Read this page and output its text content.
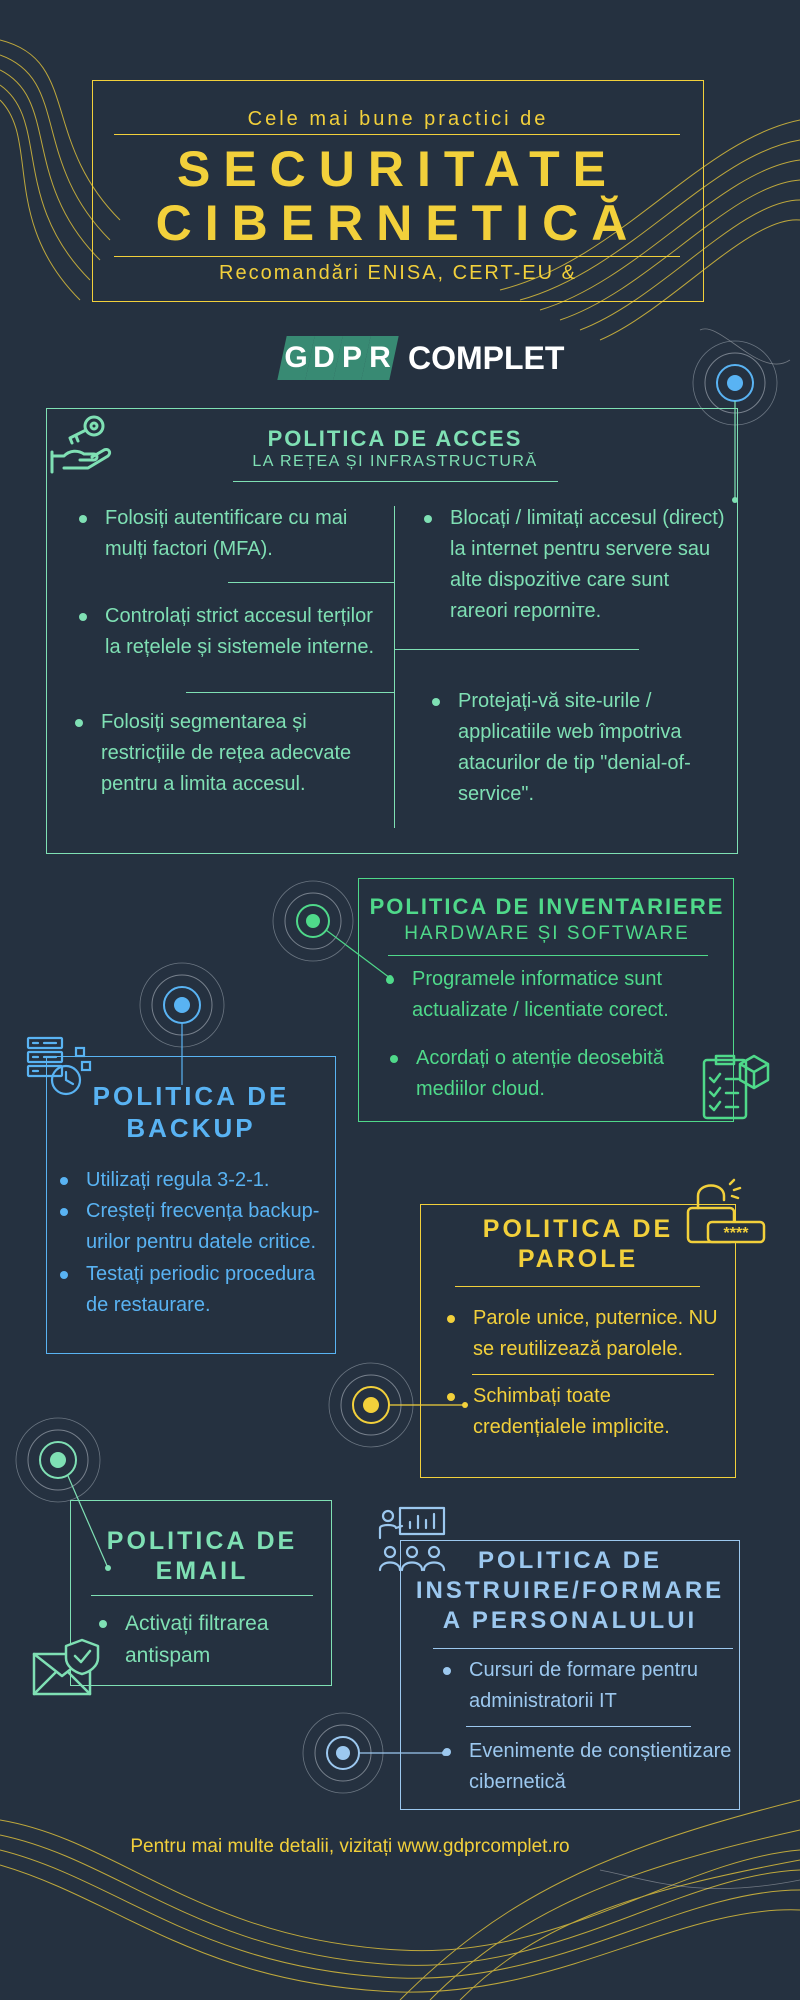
Cele mai bune practici de
SECURITATE
CIBERNETICĂ
Recomandări ENISA, CERT-EU &
G D P R COMPLET
POLITICA DE ACCES
LA REȚEA ȘI INFRASTRUCTURĂ
Folosiți autentificare cu mai mulți factori (MFA).
Controlați strict accesul terților la rețelele și sistemele interne.
Folosiți segmentarea și restricțiile de rețea adecvate pentru a limita accesul.
Blocați / limitați accesul (direct) la internet pentru servere sau alte dispozitive care sunt rareori reporniте.
Protejați-vă site-urile / applicatiile web împotriva atacurilor de tip "denial-of-service".
POLITICA DE INVENTARIERE
HARDWARE ȘI SOFTWARE
Programele informatice sunt actualizate / licentiate corect.
Acordați o atenție deosebită mediilor cloud.
POLITICA DE
BACKUP
Utilizați regula 3-2-1.
Creșteți frecvența backup-urilor pentru datele critice.
Testați periodic procedura de restaurare.
****
POLITICA DE
PAROLE
Parole unice, puternice. NU se reutilizează parolele.
Schimbați toate credențialele implicite.
POLITICA DE
EMAIL
Activați filtrarea antispam
POLITICA DE
INSTRUIRE/FORMARE
A PERSONALULUI
Cursuri de formare pentru administratorii IT
Evenimente de conștientizare cibernetică
Pentru mai multe detalii, vizitați www.gdprcomplet.ro
